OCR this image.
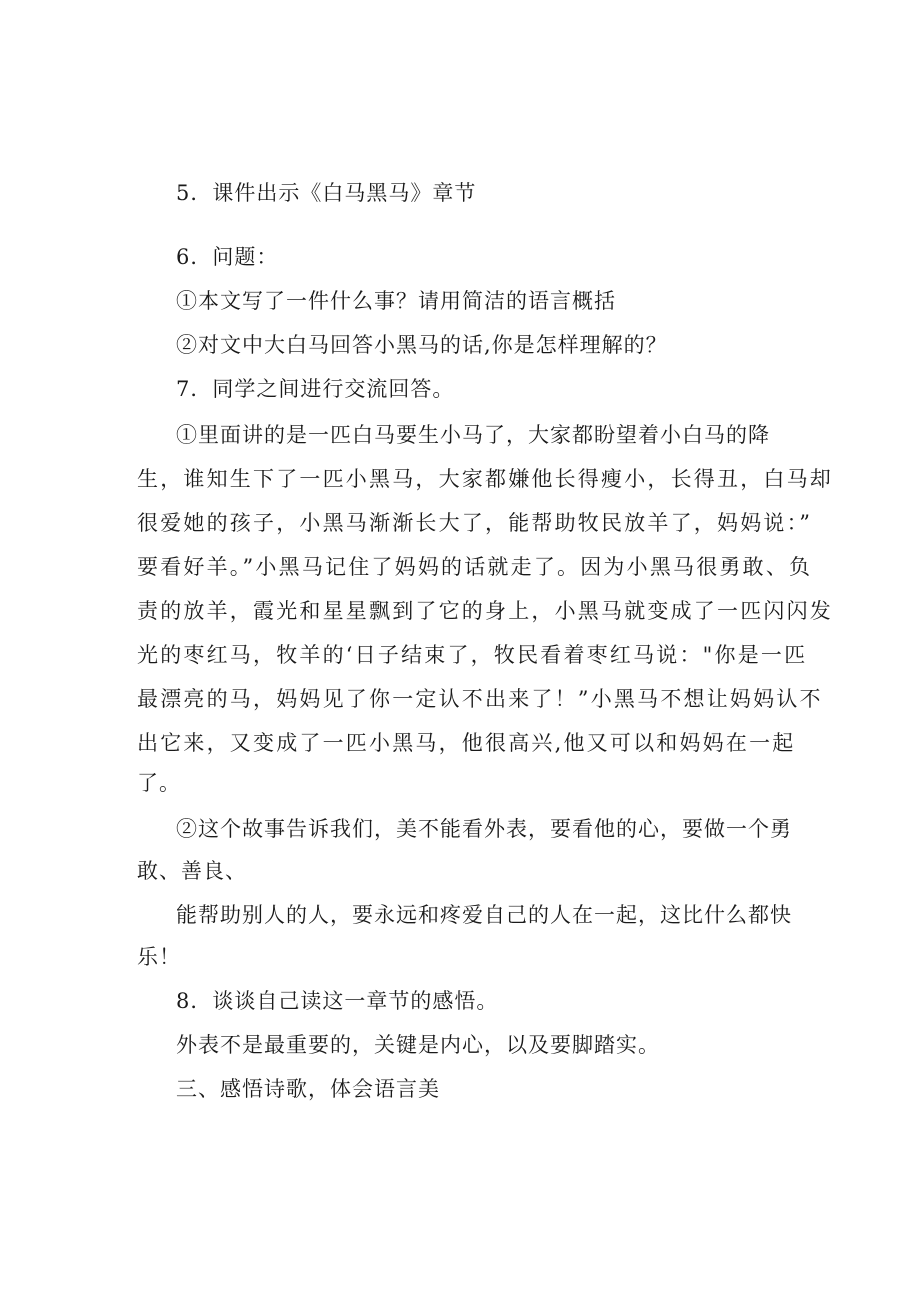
5．课件出示《白马黑马》章节
6．问题：
①本文写了一件什么事？请用简洁的语言概括
②对文中大白马回答小黑马的话,你是怎样理解的？
7．同学之间进行交流回答。
①里面讲的是一匹白马要生小马了，大家都盼望着小白马的降
生，谁知生下了一匹小黑马，大家都嫌他长得瘦小，长得丑，白马却
很爱她的孩子，小黑马渐渐长大了，能帮助牧民放羊了，妈妈说：”
要看好羊。”小黑马记住了妈妈的话就走了。因为小黑马很勇敢、负
责的放羊，霞光和星星飘到了它的身上，小黑马就变成了一匹闪闪发
光的枣红马，牧羊的‘日子结束了，牧民看着枣红马说："你是一匹
最漂亮的马，妈妈见了你一定认不出来了！”小黑马不想让妈妈认不
出它来，又变成了一匹小黑马，他很高兴,他又可以和妈妈在一起
了。
②这个故事告诉我们，美不能看外表，要看他的心，要做一个勇
敢、善良、
能帮助别人的人，要永远和疼爱自己的人在一起，这比什么都快
乐！
8．谈谈自己读这一章节的感悟。
外表不是最重要的，关键是内心，以及要脚踏实。
三、感悟诗歌，体会语言美
